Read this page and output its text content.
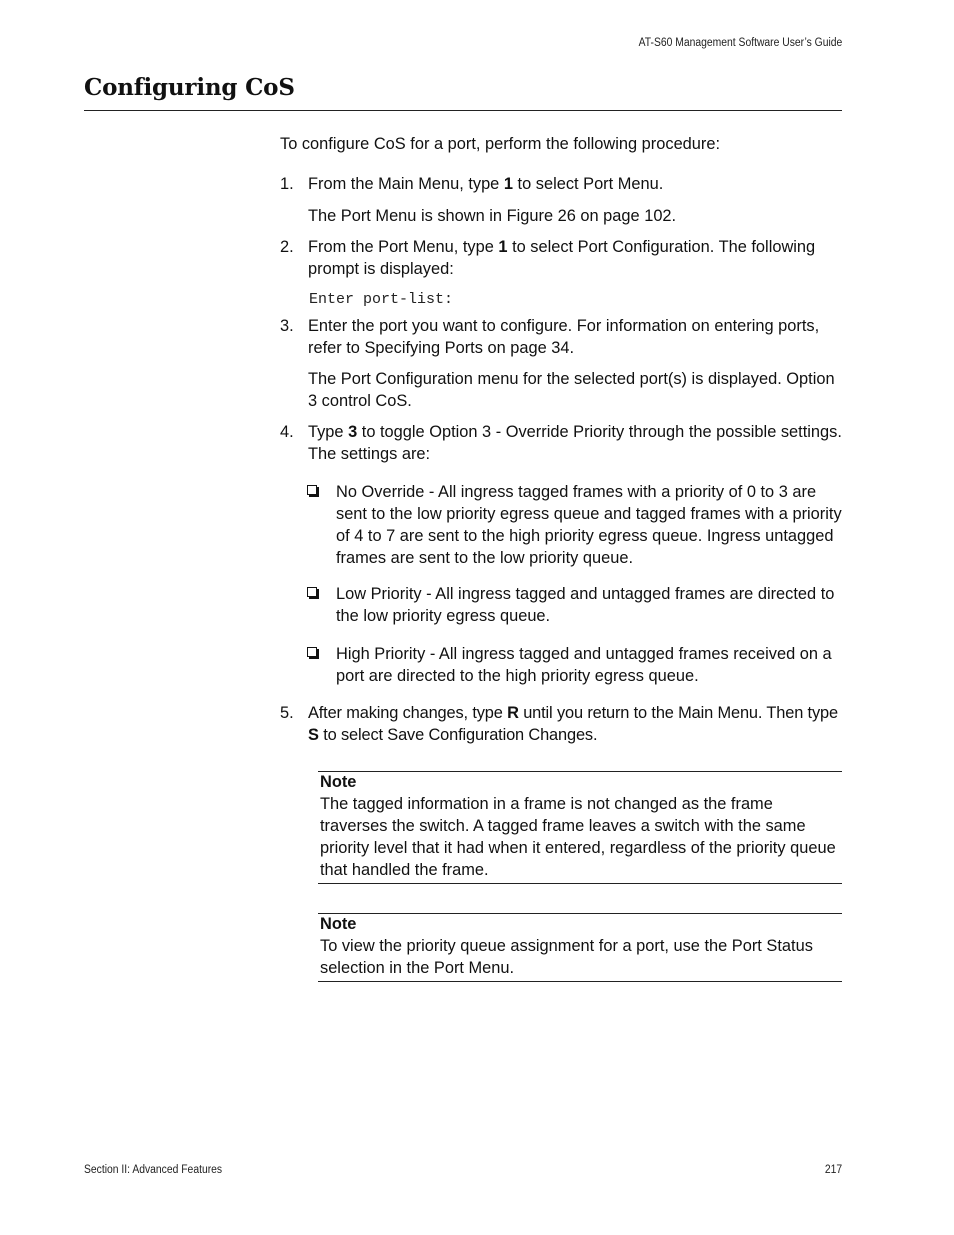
AT-S60 Management Software User’s Guide
Configuring CoS
To configure CoS for a port, perform the following procedure:
1. From the Main Menu, type 1 to select Port Menu.
The Port Menu is shown in Figure 26 on page 102.
2. From the Port Menu, type 1 to select Port Configuration. The following prompt is displayed:
Enter port-list:
3. Enter the port you want to configure. For information on entering ports, refer to Specifying Ports on page 34.
The Port Configuration menu for the selected port(s) is displayed. Option 3 control CoS.
4. Type 3 to toggle Option 3 - Override Priority through the possible settings. The settings are:
No Override - All ingress tagged frames with a priority of 0 to 3 are sent to the low priority egress queue and tagged frames with a priority of 4 to 7 are sent to the high priority egress queue. Ingress untagged frames are sent to the low priority queue.
Low Priority - All ingress tagged and untagged frames are directed to the low priority egress queue.
High Priority - All ingress tagged and untagged frames received on a port are directed to the high priority egress queue.
5. After making changes, type R until you return to the Main Menu. Then type S to select Save Configuration Changes.
Note
The tagged information in a frame is not changed as the frame traverses the switch. A tagged frame leaves a switch with the same priority level that it had when it entered, regardless of the priority queue that handled the frame.
Note
To view the priority queue assignment for a port, use the Port Status selection in the Port Menu.
Section II: Advanced Features	217
